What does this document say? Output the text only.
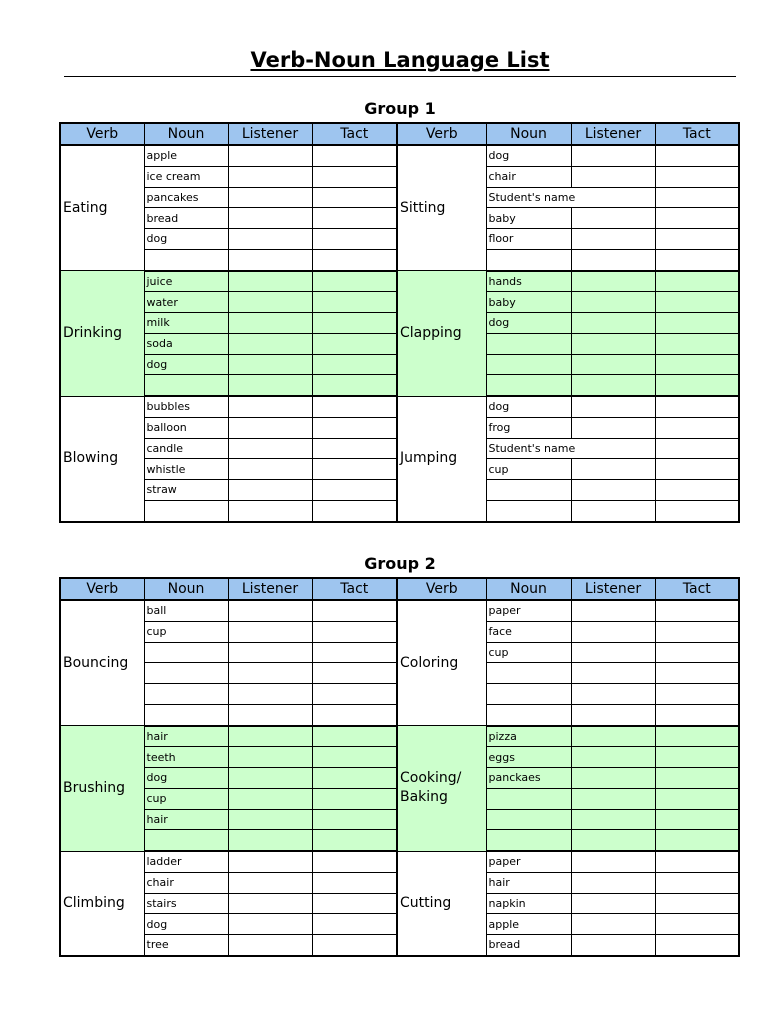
Verb-Noun Language List
Group 1
Verb	Noun	Listener	Tact	Verb	Noun	Listener	Tact
Eating	apple			Sitting	dog		
	ice cream				chair		
	pancakes				Student's name		
	bread				baby		
	dog				floor		

Drinking	juice			Clapping	hands		
	water				baby		
	milk				dog		
	soda						
	dog						

Blowing	bubbles			Jumping	dog		
	balloon				frog		
	candle				Student's name		
	whistle				cup		
	straw						

Group 2
Verb	Noun	Listener	Tact	Verb	Noun	Listener	Tact
Bouncing	ball			Coloring	paper		
	cup				face		
					cup		

Brushing	hair			Cooking/ Baking	pizza		
	teeth				eggs		
	dog				panckaes		
	cup						
	hair						

Climbing	ladder			Cutting	paper		
	chair				hair		
	stairs				napkin		
	dog				apple		
	tree				bread		
